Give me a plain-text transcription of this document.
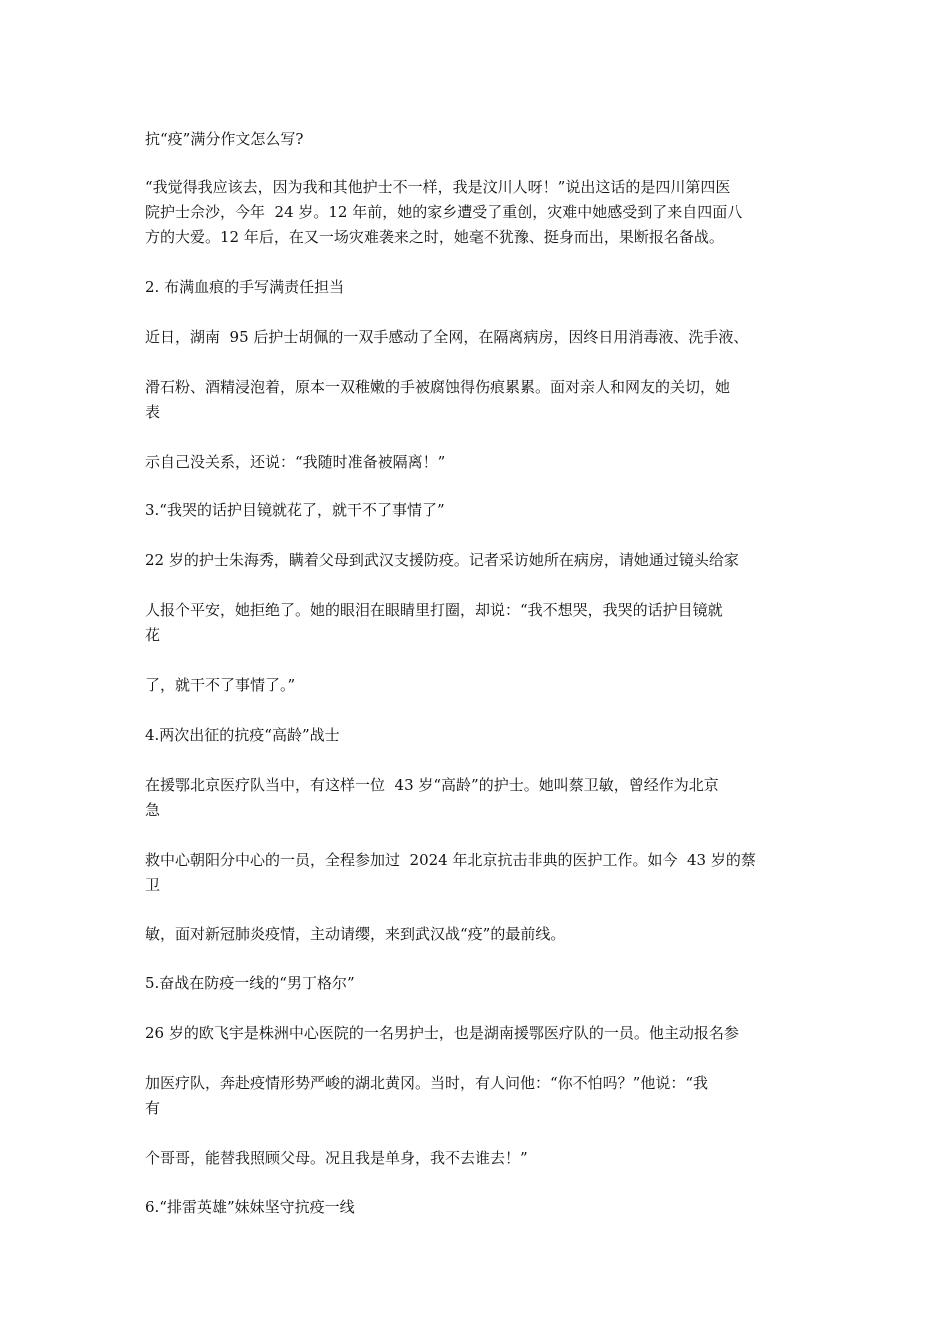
抗“疫”满分作文怎么写?

“我觉得我应该去，因为我和其他护士不一样，我是汶川人呀！”说出这话的是四川第四医
院护士佘沙，今年  24 岁。12 年前，她的家乡遭受了重创，灾难中她感受到了来自四面八
方的大爱。12 年后，在又一场灾难袭来之时，她毫不犹豫、挺身而出，果断报名备战。

2. 布满血痕的手写满责任担当

近日，湖南  95 后护士胡佩的一双手感动了全网，在隔离病房，因终日用消毒液、洗手液、

滑石粉、酒精浸泡着，原本一双稚嫩的手被腐蚀得伤痕累累。面对亲人和网友的关切，她
表

示自己没关系，还说：“我随时准备被隔离！”

3.“我哭的话护目镜就花了，就干不了事情了”

22 岁的护士朱海秀，瞒着父母到武汉支援防疫。记者采访她所在病房，请她通过镜头给家

人报个平安，她拒绝了。她的眼泪在眼睛里打圈，却说：“我不想哭，我哭的话护目镜就
花

了，就干不了事情了。”

4.两次出征的抗疫“高龄”战士

在援鄂北京医疗队当中，有这样一位  43 岁“高龄”的护士。她叫蔡卫敏，曾经作为北京
急

救中心朝阳分中心的一员，全程参加过  2024 年北京抗击非典的医护工作。如今  43 岁的蔡
卫

敏，面对新冠肺炎疫情，主动请缨，来到武汉战“疫”的最前线。

5.奋战在防疫一线的“男丁格尔”

26 岁的欧飞宇是株洲中心医院的一名男护士，也是湖南援鄂医疗队的一员。他主动报名参

加医疗队，奔赴疫情形势严峻的湖北黄冈。当时，有人问他：“你不怕吗？”他说：“我
有

个哥哥，能替我照顾父母。况且我是单身，我不去谁去！”

6.“排雷英雄”妹妹坚守抗疫一线
